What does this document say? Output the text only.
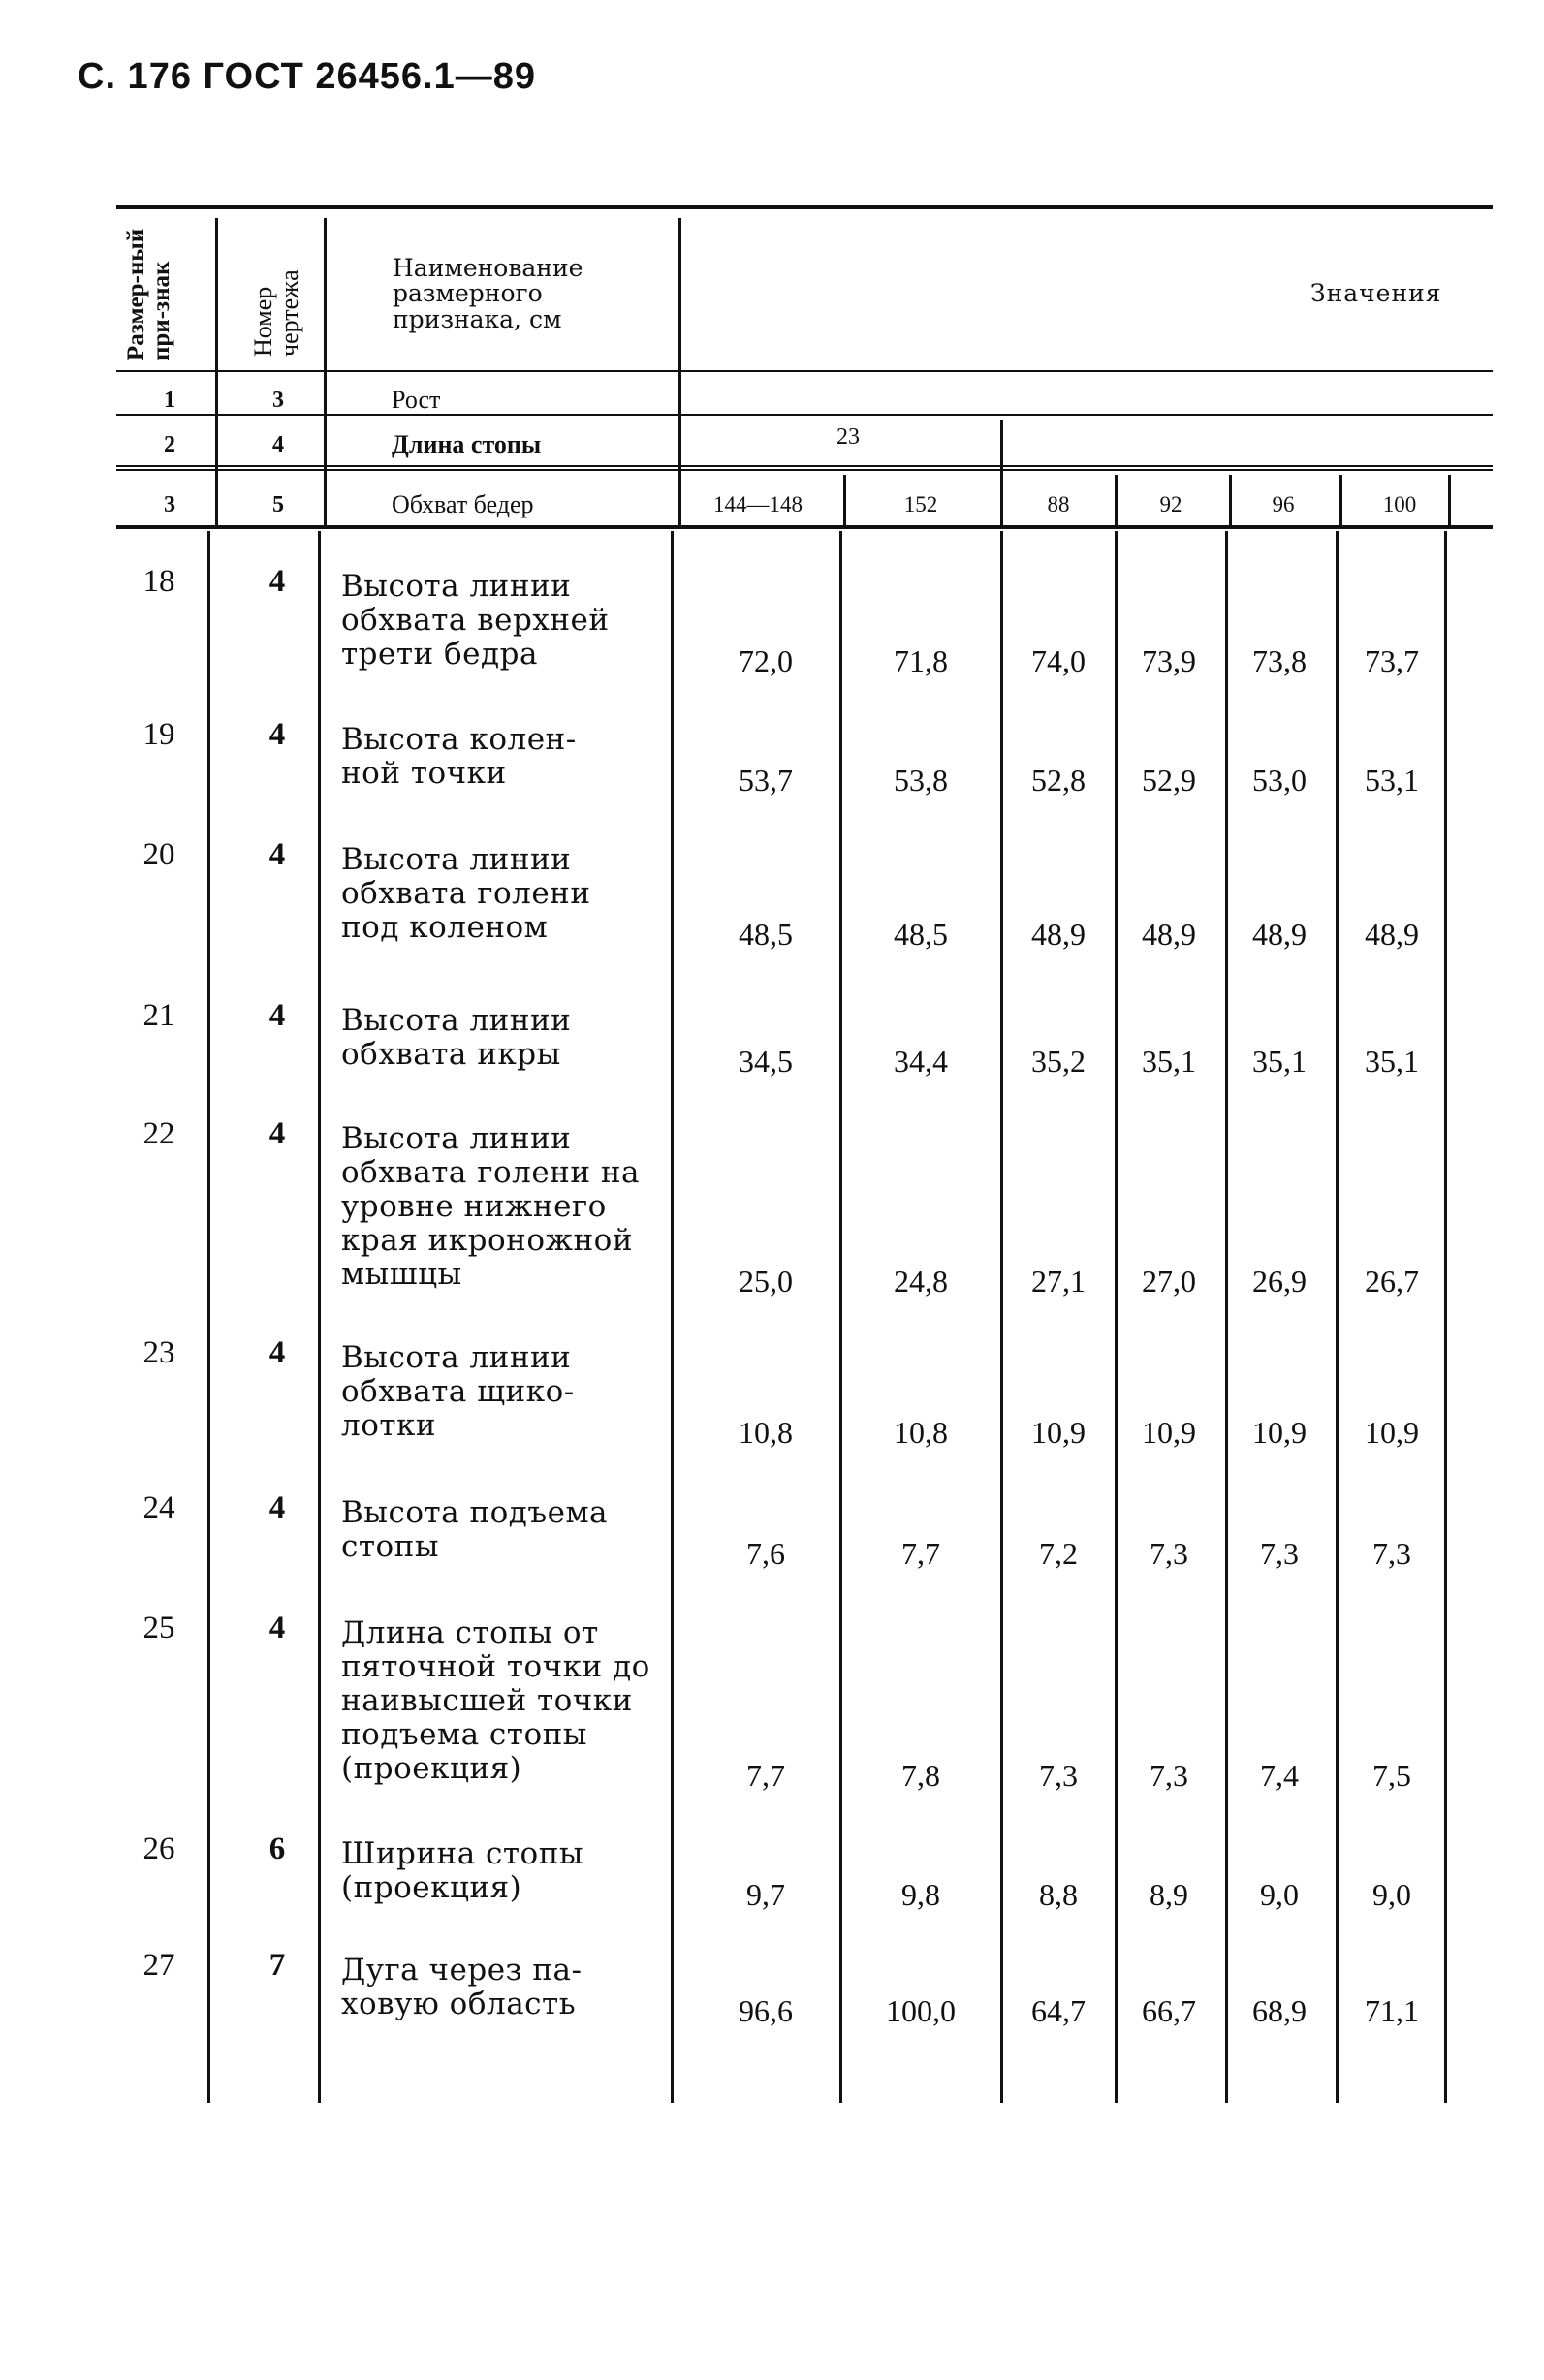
С. 176 ГОСТ 26456.1—89
Размер-ный при-знак	Номер чертежа
Наименование размерного признака, см
Значения
1	3	Рост
2	4	Длина стопы	23
3	5	Обхват бедер	144—148	152	88	92	96	100
18	4	Высота линии
обхвата верхней
трети бедра	72,0	71,8	74,0	73,9	73,8	73,7
19	4	Высота колен-
ной точки	53,7	53,8	52,8	52,9	53,0	53,1
20	4	Высота линии
обхвата голени
под коленом	48,5	48,5	48,9	48,9	48,9	48,9
21	4	Высота линии
обхвата икры	34,5	34,4	35,2	35,1	35,1	35,1
22	4	Высота линии
обхвата голени на
уровне нижнего
края икроножной
мышцы	25,0	24,8	27,1	27,0	26,9	26,7
23	4	Высота линии
обхвата щико-
лотки	10,8	10,8	10,9	10,9	10,9	10,9
24	4	Высота подъема
стопы	7,6	7,7	7,2	7,3	7,3	7,3
25	4	Длина стопы от
пяточной точки до
наивысшей точки
подъема стопы
(проекция)	7,7	7,8	7,3	7,3	7,4	7,5
26	6	Ширина стопы
(проекция)	9,7	9,8	8,8	8,9	9,0	9,0
27	7	Дуга через па-
ховую область	96,6	100,0	64,7	66,7	68,9	71,1
